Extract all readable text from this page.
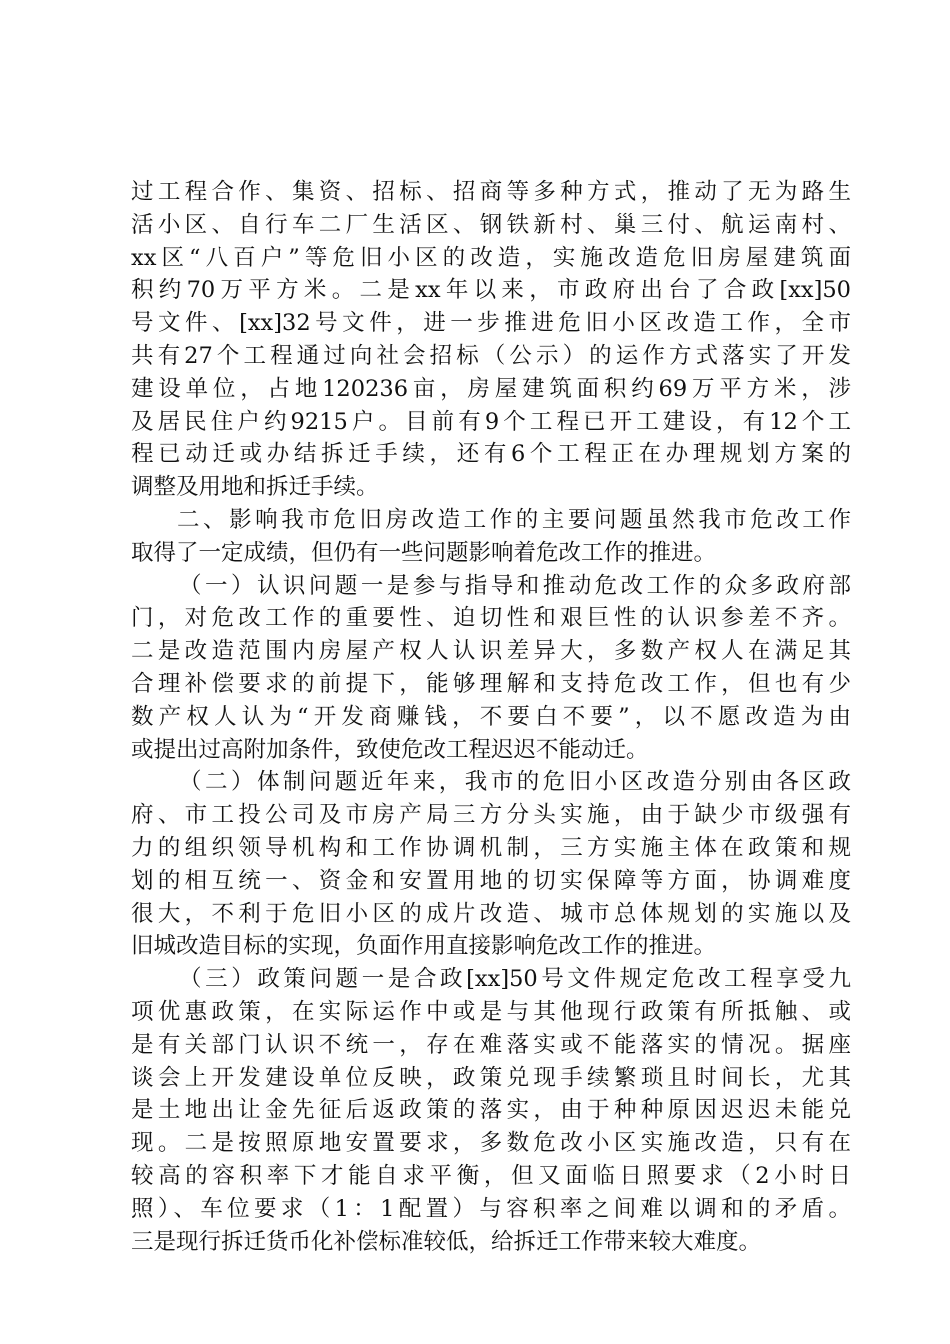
过工程合作、集资、招标、招商等多种方式，推动了无为路生
活小区、自行车二厂生活区、钢铁新村、巢三付、航运南村、
xx区“八百户”等危旧小区的改造，实施改造危旧房屋建筑面
积约70万平方米。二是xx年以来，市政府出台了合政[xx]50
号文件、[xx]32号文件，进一步推进危旧小区改造工作，全市
共有27个工程通过向社会招标（公示）的运作方式落实了开发
建设单位，占地120236亩，房屋建筑面积约69万平方米，涉
及居民住户约9215户。目前有9个工程已开工建设，有12个工
程已动迁或办结拆迁手续，还有6个工程正在办理规划方案的
调整及用地和拆迁手续。
二、影响我市危旧房改造工作的主要问题虽然我市危改工作
取得了一定成绩，但仍有一些问题影响着危改工作的推进。
（一）认识问题一是参与指导和推动危改工作的众多政府部
门，对危改工作的重要性、迫切性和艰巨性的认识参差不齐。
二是改造范围内房屋产权人认识差异大，多数产权人在满足其
合理补偿要求的前提下，能够理解和支持危改工作，但也有少
数产权人认为“开发商赚钱，不要白不要”，以不愿改造为由
或提出过高附加条件，致使危改工程迟迟不能动迁。
（二）体制问题近年来，我市的危旧小区改造分别由各区政
府、市工投公司及市房产局三方分头实施，由于缺少市级强有
力的组织领导机构和工作协调机制，三方实施主体在政策和规
划的相互统一、资金和安置用地的切实保障等方面，协调难度
很大，不利于危旧小区的成片改造、城市总体规划的实施以及
旧城改造目标的实现，负面作用直接影响危改工作的推进。
（三）政策问题一是合政[xx]50号文件规定危改工程享受九
项优惠政策，在实际运作中或是与其他现行政策有所抵触、或
是有关部门认识不统一，存在难落实或不能落实的情况。据座
谈会上开发建设单位反映，政策兑现手续繁琐且时间长，尤其
是土地出让金先征后返政策的落实，由于种种原因迟迟未能兑
现。二是按照原地安置要求，多数危改小区实施改造，只有在
较高的容积率下才能自求平衡，但又面临日照要求（2小时日
照）、车位要求（1：1配置）与容积率之间难以调和的矛盾。
三是现行拆迁货币化补偿标准较低，给拆迁工作带来较大难度。
